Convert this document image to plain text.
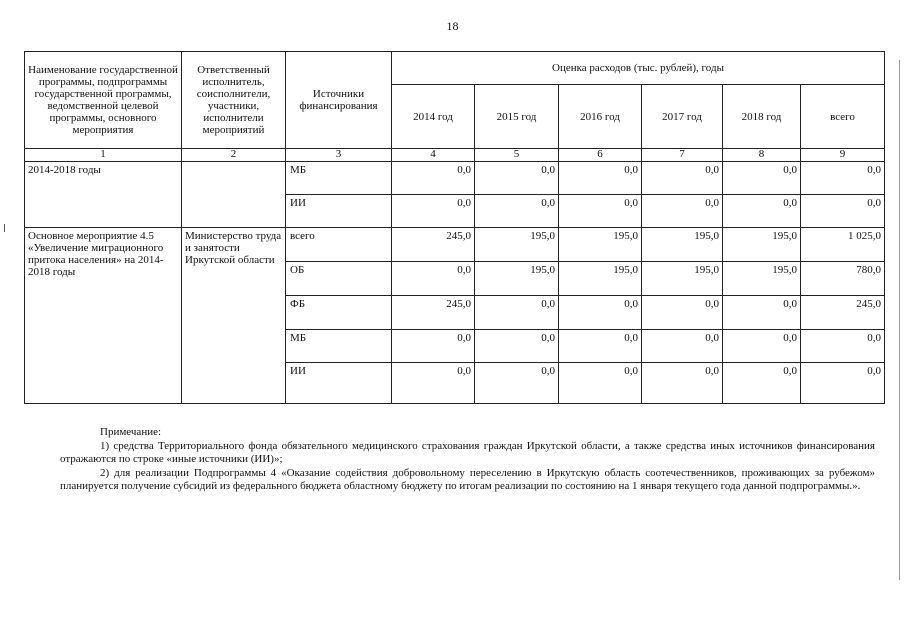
18
Наименование государственной программы, подпрограммы государственной программы, ведомственной целевой программы, основного мероприятия	Ответственный исполнитель, соисполнители, участники, исполнители мероприятий	Источники финансирования	Оценка расходов (тыс. рублей), годы					
			2014 год	2015 год	2016 год	2017 год	2018 год	всего
1	2	3	4	5	6	7	8	9
2014-2018 годы		МБ	0,0	0,0	0,0	0,0	0,0	0,0
		ИИ	0,0	0,0	0,0	0,0	0,0	0,0
Основное мероприятие 4.5 «Увеличение миграционного притока населения» на 2014-2018 годы	Министерство труда и занятости Иркутской области	всего	245,0	195,0	195,0	195,0	195,0	1 025,0
		ОБ	0,0	195,0	195,0	195,0	195,0	780,0
		ФБ	245,0	0,0	0,0	0,0	0,0	245,0
		МБ	0,0	0,0	0,0	0,0	0,0	0,0
		ИИ	0,0	0,0	0,0	0,0	0,0	0,0

Примечание:

1) средства Территориального фонда обязательного медицинского страхования граждан Иркутской области, а также средства иных источников финансирования отражаются по строке «иные источники (ИИ)»;

2) для реализации Подпрограммы 4 «Оказание содействия добровольному переселению в Иркутскую область соотечественников, проживающих за рубежом» планируется получение субсидий из федерального бюджета областному бюджету по итогам реализации по состоянию на 1 января текущего года данной подпрограммы.».
